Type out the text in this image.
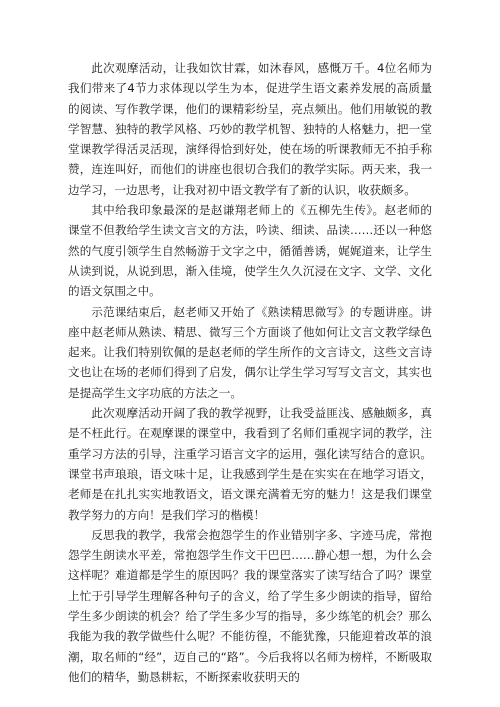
此次观摩活动，让我如饮甘霖，如沐春风，感慨万千。4位名师为我们带来了4节力求体现以学生为本，促进学生语文素养发展的高质量的阅读、写作教学课，他们的课精彩纷呈，亮点频出。他们用敏锐的教学智慧、独特的教学风格、巧妙的教学机智、独特的人格魅力，把一堂堂课教学得活灵活现，演绎得恰到好处，使在场的听课教师无不拍手称赞，连连叫好，而他们的讲座也很切合我们的教学实际。两天来，我一边学习，一边思考，让我对初中语文教学有了新的认识，收获颇多。

其中给我印象最深的是赵谦翔老师上的《五柳先生传》。赵老师的课堂不但教给学生读文言文的方法，吟读、细读、品读……还以一种悠然的气度引领学生自然畅游于文字之中，循循善诱，娓娓道来，让学生从读到说，从说到思，渐入佳境，使学生久久沉浸在文字、文学、文化的语文氛围之中。

示范课结束后，赵老师又开始了《熟读精思微写》的专题讲座。讲座中赵老师从熟读、精思、微写三个方面谈了他如何让文言文教学绿色起来。让我们特别钦佩的是赵老师的学生所作的文言诗文，这些文言诗文也让在场的老师们得到了启发，偶尔让学生学习写写文言文，其实也是提高学生文字功底的方法之一。

此次观摩活动开阔了我的教学视野，让我受益匪浅、感触颇多，真是不枉此行。在观摩课的课堂中，我看到了名师们重视字词的教学，注重学习方法的引导，注重学习语言文字的运用，强化读写结合的意识。课堂书声琅琅，语文味十足，让我感到学生是在实实在在地学习语文，老师是在扎扎实实地教语文，语文课充满着无穷的魅力！这是我们课堂教学努力的方向！是我们学习的楷模！

反思我的教学，我常会抱怨学生的作业错别字多、字迹马虎，常抱怨学生朗读水平差，常抱怨学生作文干巴巴……静心想一想，为什么会这样呢？难道都是学生的原因吗？我的课堂落实了读写结合了吗？课堂上忙于引导学生理解各种句子的含义，给了学生多少朗读的指导，留给学生多少朗读的机会？给了学生多少写的指导，多少练笔的机会？那么我能为我的教学做些什么呢？不能彷徨，不能犹豫，只能迎着改革的浪潮，取名师的“经”，迈自己的“路”。今后我将以名师为榜样，不断吸取他们的精华，勤恳耕耘，不断探索收获明天的
